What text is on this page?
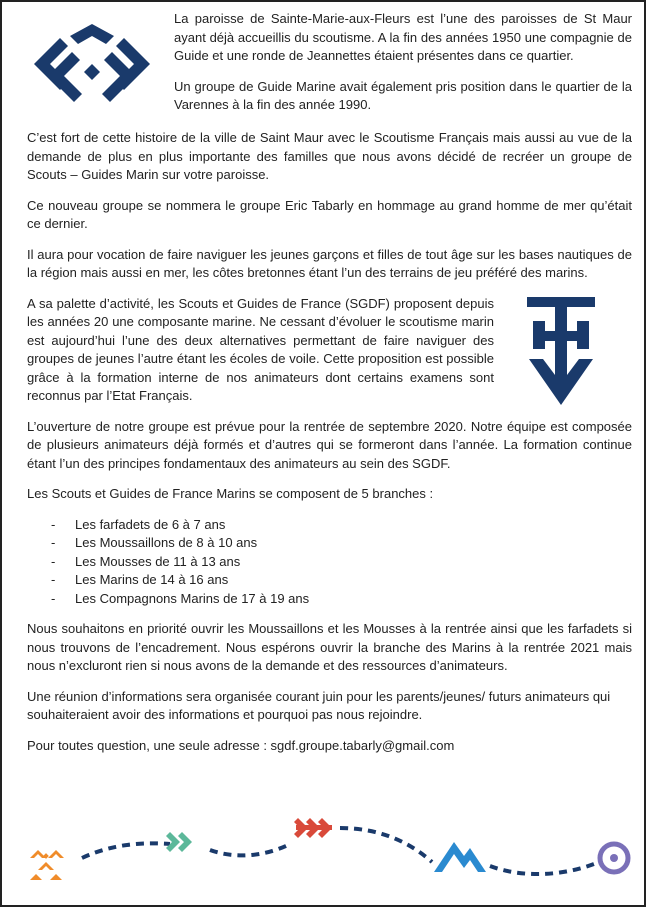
La paroisse de Sainte-Marie-aux-Fleurs est l’une des paroisses de St Maur ayant déjà accueillis du scoutisme. A la fin des années 1950 une compagnie de Guide et une ronde de Jeannettes étaient présentes dans ce quartier.

Un groupe de Guide Marine avait également pris position dans le quartier de la Varennes à la fin des année 1990.

C’est fort de cette histoire de la ville de Saint Maur avec le Scoutisme Français mais aussi au vue de la demande de plus en plus importante des familles que nous avons décidé de recréer un groupe de Scouts – Guides Marin sur votre paroisse.

Ce nouveau groupe se nommera le groupe Eric Tabarly en hommage au grand homme de mer qu’était ce dernier.

Il aura pour vocation de faire naviguer les jeunes garçons et filles de tout âge sur les bases nautiques de la région mais aussi en mer, les côtes bretonnes étant l’un des terrains de jeu préféré des marins.

A sa palette d’activité, les Scouts et Guides de France (SGDF) proposent depuis les années 20 une composante marine. Ne cessant d’évoluer le scoutisme marin est aujourd’hui l’une des deux alternatives permettant de faire naviguer des groupes de jeunes l’autre étant les écoles de voile. Cette proposition est possible grâce à la formation interne de nos animateurs dont certains examens sont reconnus par l’Etat Français.

L’ouverture de notre groupe est prévue pour la rentrée de septembre 2020. Notre équipe est composée de plusieurs animateurs déjà formés et d’autres qui se formeront dans l’année. La formation continue étant l’un des principes fondamentaux des animateurs au sein des SGDF.

Les Scouts et Guides de France Marins se composent de 5 branches :

- Les farfadets de 6 à 7 ans
- Les Moussaillons de 8 à 10 ans
- Les Mousses de 11 à 13 ans
- Les Marins de 14 à 16 ans
- Les Compagnons Marins de 17 à 19 ans

Nous souhaitons en priorité ouvrir les Moussaillons et les Mousses à la rentrée ainsi que les farfadets si nous trouvons de l’encadrement. Nous espérons ouvrir la branche des Marins à la rentrée 2021 mais nous n’excluront rien si nous avons de la demande et des ressources d’animateurs.

Une réunion d’informations sera organisée courant juin pour les parents/jeunes/ futurs animateurs qui souhaiteraient avoir des informations et pourquoi pas nous rejoindre.

Pour toutes question, une seule adresse : sgdf.groupe.tabarly@gmail.com
